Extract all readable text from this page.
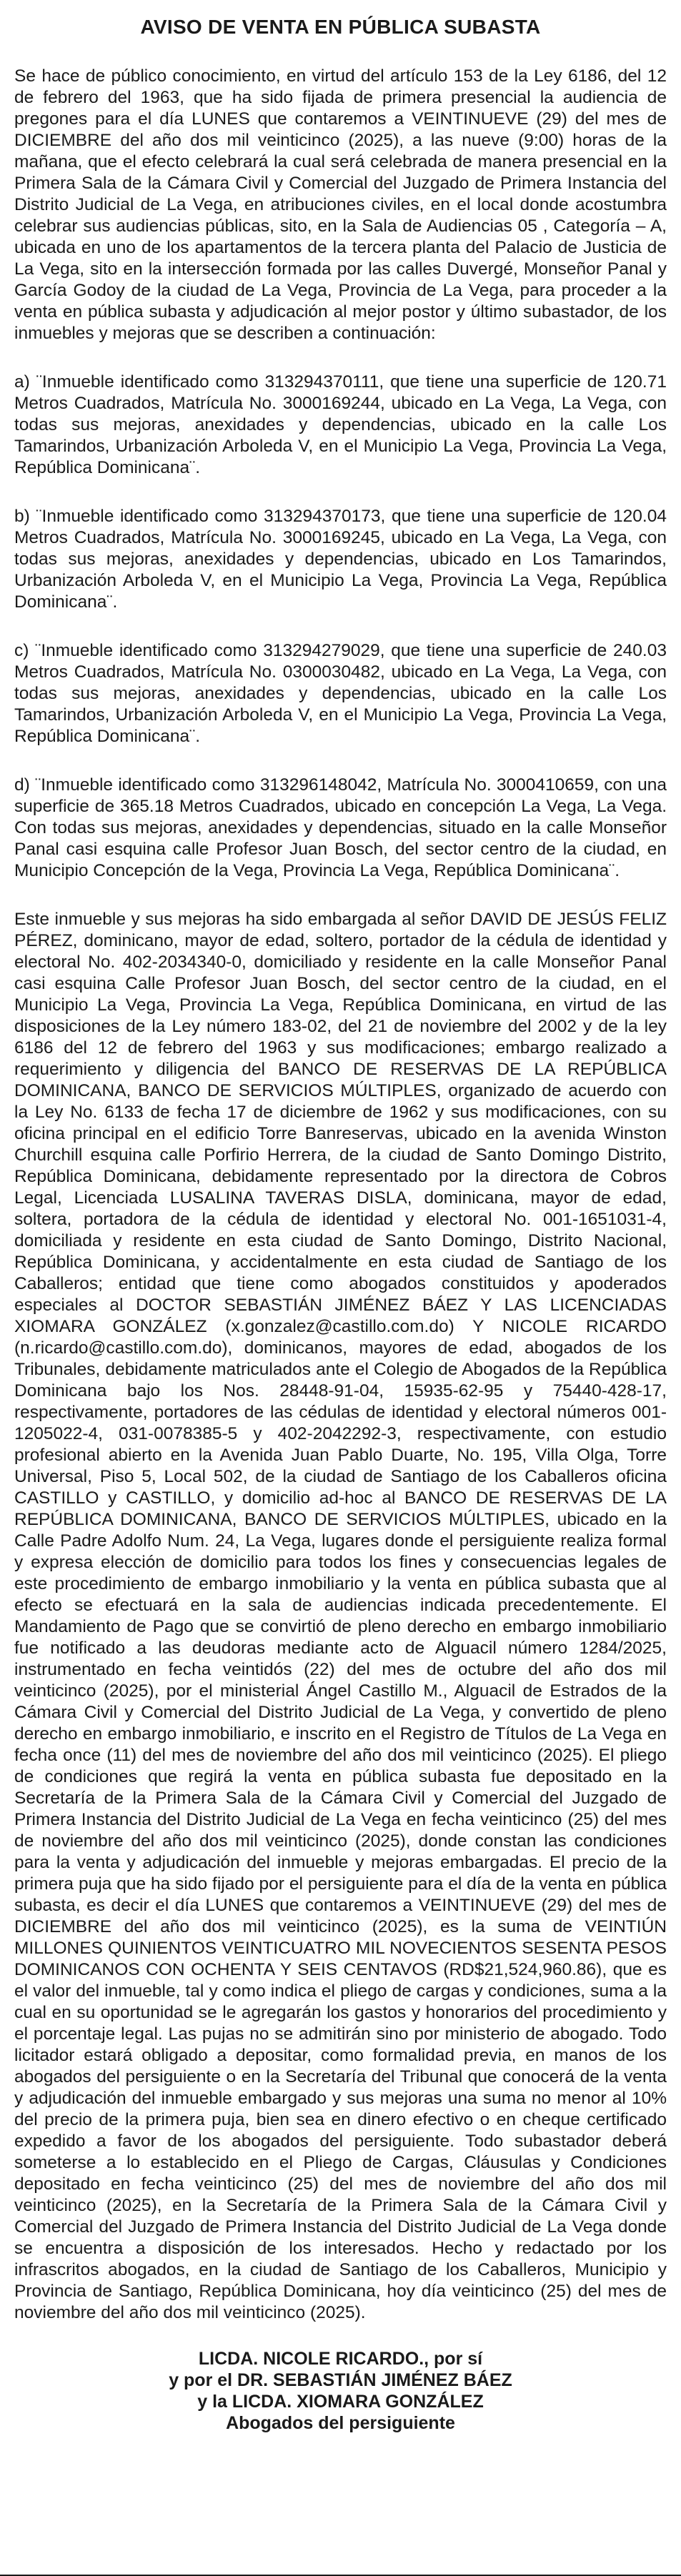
AVISO DE VENTA EN PÚBLICA SUBASTA

Se hace de público conocimiento, en virtud del artículo 153 de la Ley 6186, del 12 de febrero del 1963, que ha sido fijada de primera presencial la audiencia de pregones para el día LUNES que contaremos a VEINTINUEVE (29) del mes de DICIEMBRE del año dos mil veinticinco (2025), a las nueve (9:00) horas de la mañana, que el efecto celebrará la cual será celebrada de manera presencial en la Primera Sala de la Cámara Civil y Comercial del Juzgado de Primera Instancia del Distrito Judicial de La Vega, en atribuciones civiles, en el local donde acostumbra celebrar sus audiencias públicas, sito, en la Sala de Audiencias 05 , Categoría – A, ubicada en uno de los apartamentos de la tercera planta del Palacio de Justicia de La Vega, sito en la intersección formada por las calles Duvergé, Monseñor Panal y García Godoy de la ciudad de La Vega, Provincia de La Vega, para proceder a la venta en pública subasta y adjudicación al mejor postor y último subastador, de los inmuebles y mejoras que se describen a continuación:

a) ¨Inmueble identificado como 313294370111, que tiene una superficie de 120.71 Metros Cuadrados, Matrícula No. 3000169244, ubicado en La Vega, La Vega, con todas sus mejoras, anexidades y dependencias, ubicado en la calle Los Tamarindos, Urbanización Arboleda V, en el Municipio La Vega, Provincia La Vega, República Dominicana¨.

b) ¨Inmueble identificado como 313294370173, que tiene una superficie de 120.04 Metros Cuadrados, Matrícula No. 3000169245, ubicado en La Vega, La Vega, con todas sus mejoras, anexidades y dependencias, ubicado en Los Tamarindos, Urbanización Arboleda V, en el Municipio La Vega, Provincia La Vega, República Dominicana¨.

c) ¨Inmueble identificado como 313294279029, que tiene una superficie de 240.03 Metros Cuadrados, Matrícula No. 0300030482, ubicado en La Vega, La Vega, con todas sus mejoras, anexidades y dependencias, ubicado en la calle Los Tamarindos, Urbanización Arboleda V, en el Municipio La Vega, Provincia La Vega, República Dominicana¨.

d) ¨Inmueble identificado como 313296148042, Matrícula No. 3000410659, con una superficie de 365.18 Metros Cuadrados, ubicado en concepción La Vega, La Vega. Con todas sus mejoras, anexidades y dependencias, situado en la calle Monseñor Panal casi esquina calle Profesor Juan Bosch, del sector centro de la ciudad, en Municipio Concepción de la Vega, Provincia La Vega, República Dominicana¨.

Este inmueble y sus mejoras ha sido embargada al señor DAVID DE JESÚS FELIZ PÉREZ, dominicano, mayor de edad, soltero, portador de la cédula de identidad y electoral No. 402-2034340-0, domiciliado y residente en la calle Monseñor Panal casi esquina Calle Profesor Juan Bosch, del sector centro de la ciudad, en el Municipio La Vega, Provincia La Vega, República Dominicana, en virtud de las disposiciones de la Ley número 183-02, del 21 de noviembre del 2002 y de la ley 6186 del 12 de febrero del 1963 y sus modificaciones; embargo realizado a requerimiento y diligencia del BANCO DE RESERVAS DE LA REPÚBLICA DOMINICANA, BANCO DE SERVICIOS MÚLTIPLES, organizado de acuerdo con la Ley No. 6133 de fecha 17 de diciembre de 1962 y sus modificaciones, con su oficina principal en el edificio Torre Banreservas, ubicado en la avenida Winston Churchill esquina calle Porfirio Herrera, de la ciudad de Santo Domingo Distrito, República Dominicana, debidamente representado por la directora de Cobros Legal, Licenciada LUSALINA TAVERAS DISLA, dominicana, mayor de edad, soltera, portadora de la cédula de identidad y electoral No. 001-1651031-4, domiciliada y residente en esta ciudad de Santo Domingo, Distrito Nacional, República Dominicana, y accidentalmente en esta ciudad de Santiago de los Caballeros; entidad que tiene como abogados constituidos y apoderados especiales al DOCTOR SEBASTIÁN JIMÉNEZ BÁEZ Y LAS LICENCIADAS XIOMARA GONZÁLEZ (x.gonzalez@castillo.com.do) Y NICOLE RICARDO (n.ricardo@castillo.com.do), dominicanos, mayores de edad, abogados de los Tribunales, debidamente matriculados ante el Colegio de Abogados de la República Dominicana bajo los Nos. 28448-91-04, 15935-62-95 y 75440-428-17, respectivamente, portadores de las cédulas de identidad y electoral números 001-1205022-4, 031-0078385-5 y 402-2042292-3, respectivamente, con estudio profesional abierto en la Avenida Juan Pablo Duarte, No. 195, Villa Olga, Torre Universal, Piso 5, Local 502, de la ciudad de Santiago de los Caballeros oficina CASTILLO y CASTILLO, y domicilio ad-hoc al BANCO DE RESERVAS DE LA REPÚBLICA DOMINICANA, BANCO DE SERVICIOS MÚLTIPLES, ubicado en la Calle Padre Adolfo Num. 24, La Vega, lugares donde el persiguiente realiza formal y expresa elección de domicilio para todos los fines y consecuencias legales de este procedimiento de embargo inmobiliario y la venta en pública subasta que al efecto se efectuará en la sala de audiencias indicada precedentemente. El Mandamiento de Pago que se convirtió de pleno derecho en embargo inmobiliario fue notificado a las deudoras mediante acto de Alguacil número 1284/2025, instrumentado en fecha veintidós (22) del mes de octubre del año dos mil veinticinco (2025), por el ministerial Ángel Castillo M., Alguacil de Estrados de la Cámara Civil y Comercial del Distrito Judicial de La Vega, y convertido de pleno derecho en embargo inmobiliario, e inscrito en el Registro de Títulos de La Vega en fecha once (11) del mes de noviembre del año dos mil veinticinco (2025). El pliego de condiciones que regirá la venta en pública subasta fue depositado en la Secretaría de la Primera Sala de la Cámara Civil y Comercial del Juzgado de Primera Instancia del Distrito Judicial de La Vega en fecha veinticinco (25) del mes de noviembre del año dos mil veinticinco (2025), donde constan las condiciones para la venta y adjudicación del inmueble y mejoras embargadas. El precio de la primera puja que ha sido fijado por el persiguiente para el día de la venta en pública subasta, es decir el día LUNES que contaremos a VEINTINUEVE (29) del mes de DICIEMBRE del año dos mil veinticinco (2025), es la suma de VEINTIÚN MILLONES QUINIENTOS VEINTICUATRO MIL NOVECIENTOS SESENTA PESOS DOMINICANOS CON OCHENTA Y SEIS CENTAVOS (RD$21,524,960.86), que es el valor del inmueble, tal y como indica el pliego de cargas y condiciones, suma a la cual en su oportunidad se le agregarán los gastos y honorarios del procedimiento y el porcentaje legal. Las pujas no se admitirán sino por ministerio de abogado. Todo licitador estará obligado a depositar, como formalidad previa, en manos de los abogados del persiguiente o en la Secretaría del Tribunal que conocerá de la venta y adjudicación del inmueble embargado y sus mejoras una suma no menor al 10% del precio de la primera puja, bien sea en dinero efectivo o en cheque certificado expedido a favor de los abogados del persiguiente. Todo subastador deberá someterse a lo establecido en el Pliego de Cargas, Cláusulas y Condiciones depositado en fecha veinticinco (25) del mes de noviembre del año dos mil veinticinco (2025), en la Secretaría de la Primera Sala de la Cámara Civil y Comercial del Juzgado de Primera Instancia del Distrito Judicial de La Vega donde se encuentra a disposición de los interesados. Hecho y redactado por los infrascritos abogados, en la ciudad de Santiago de los Caballeros, Municipio y Provincia de Santiago, República Dominicana, hoy día veinticinco (25) del mes de noviembre del año dos mil veinticinco (2025).

LICDA. NICOLE RICARDO., por sí
y por el DR. SEBASTIÁN JIMÉNEZ BÁEZ
y la LICDA. XIOMARA GONZÁLEZ
Abogados del persiguiente
